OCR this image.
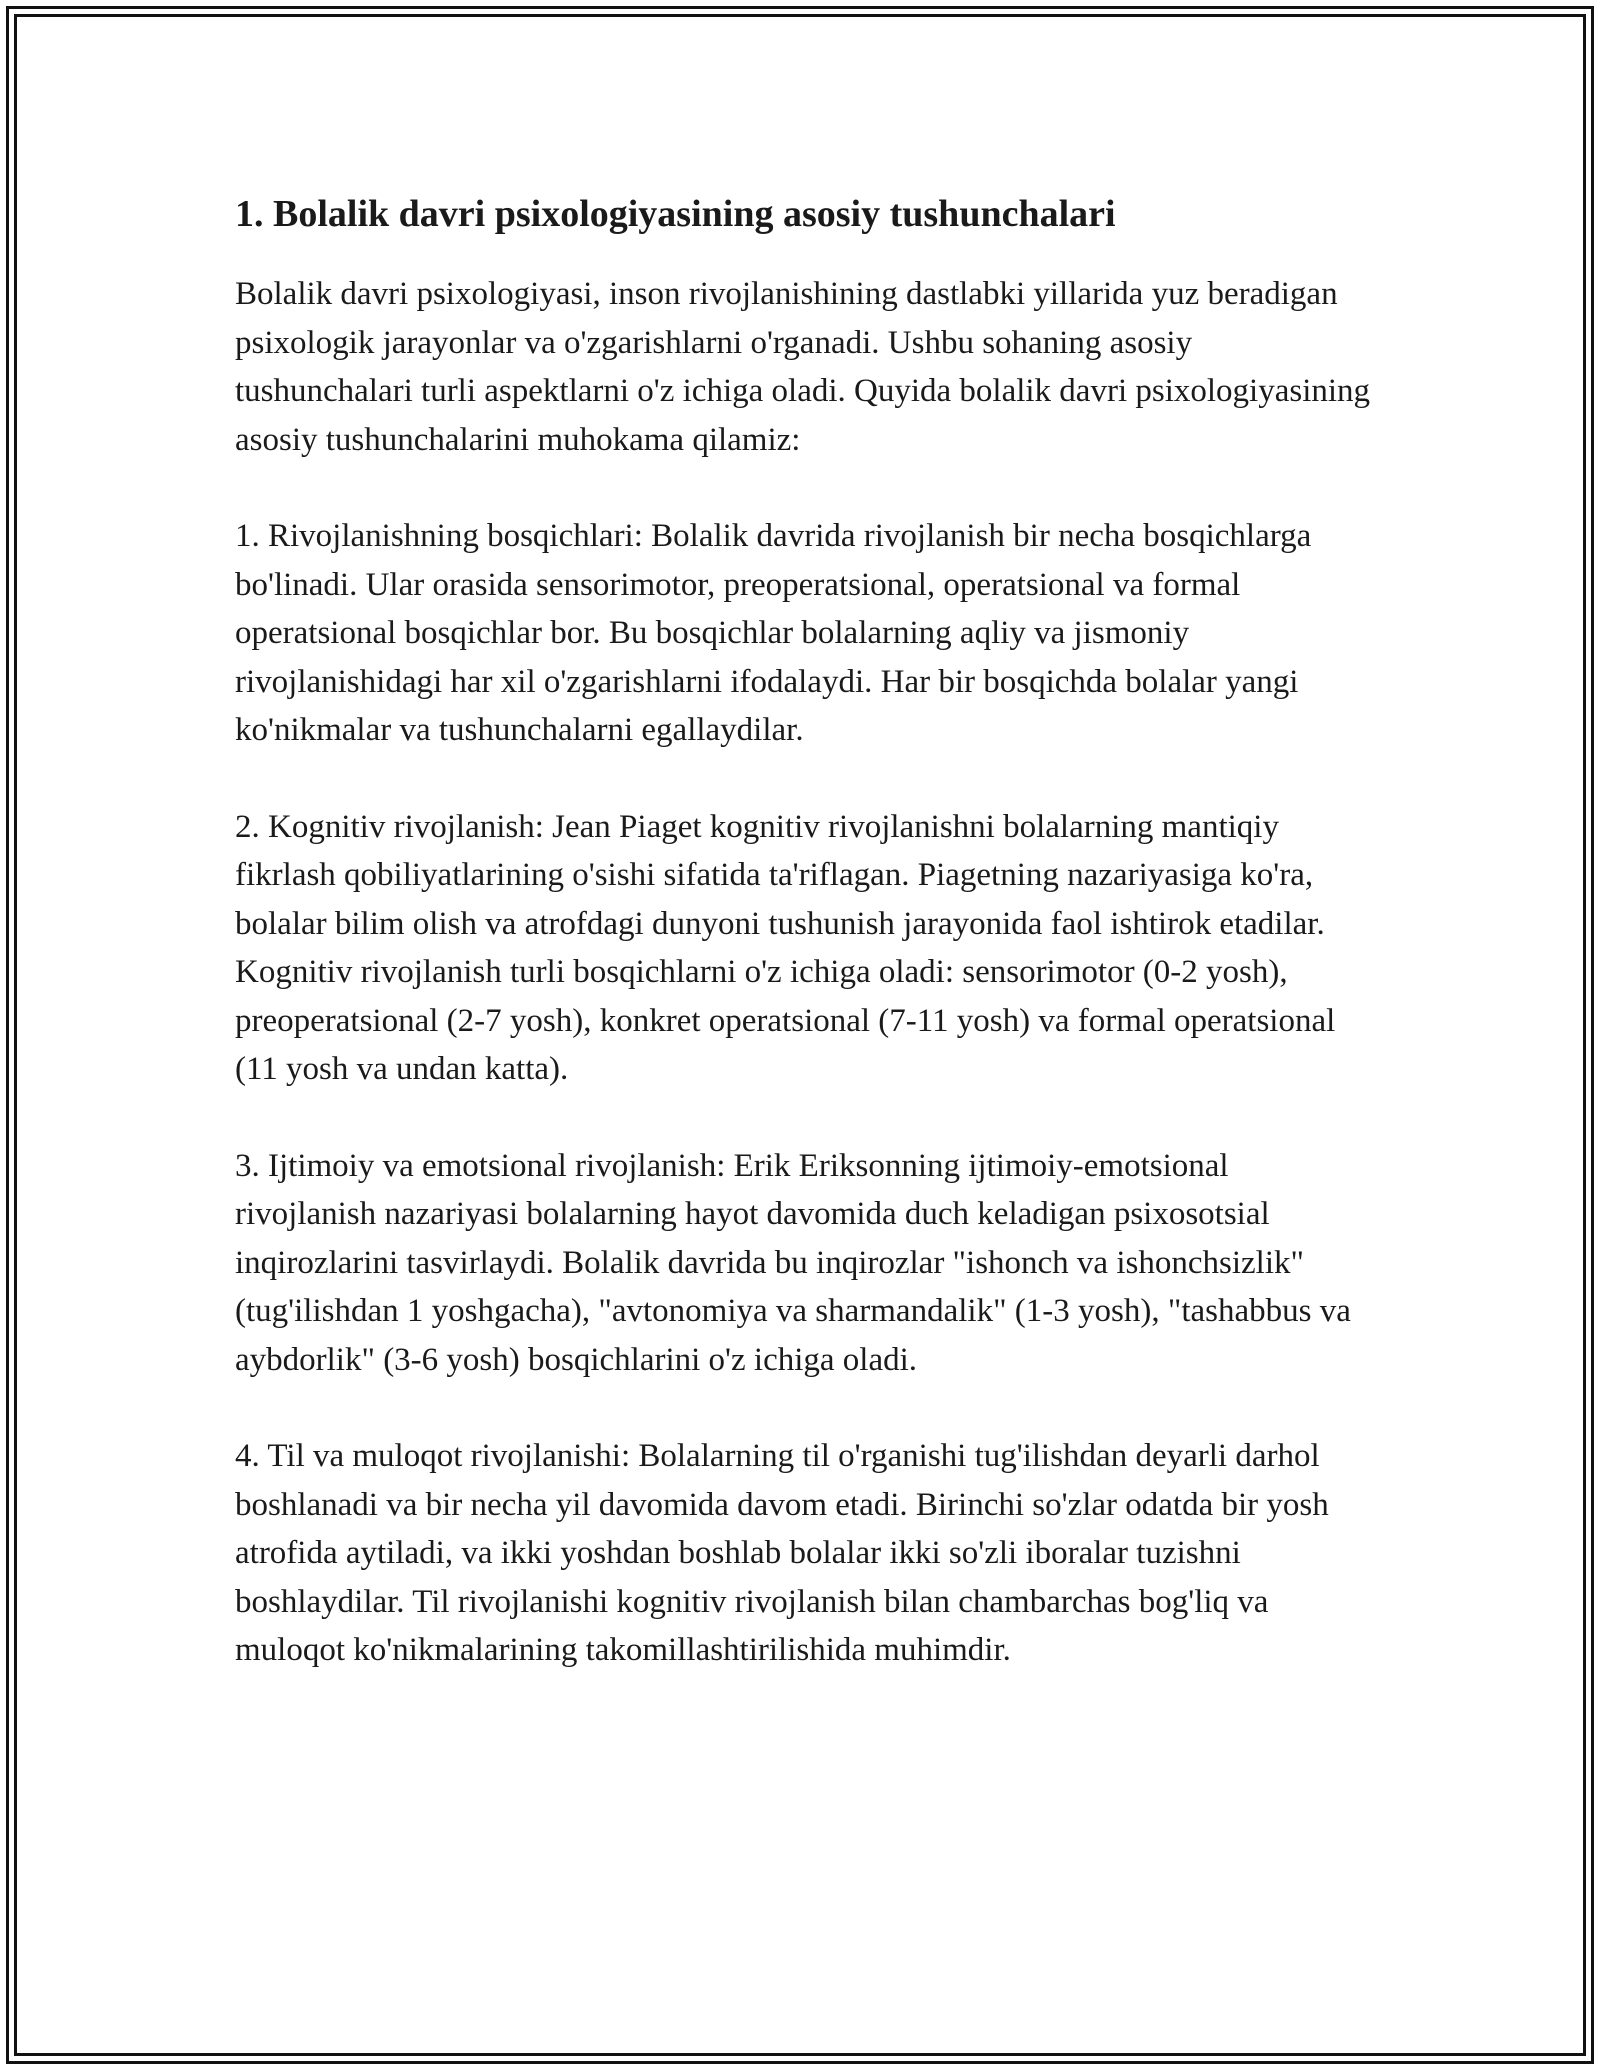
1. Bolalik davri psixologiyasining asosiy tushunchalari

Bolalik davri psixologiyasi, inson rivojlanishining dastlabki yillarida yuz beradigan psixologik jarayonlar va o'zgarishlarni o'rganadi. Ushbu sohaning asosiy tushunchalari turli aspektlarni o'z ichiga oladi. Quyida bolalik davri psixologiyasining asosiy tushunchalarini muhokama qilamiz:

1. Rivojlanishning bosqichlari: Bolalik davrida rivojlanish bir necha bosqichlarga bo'linadi. Ular orasida sensorimotor, preoperatsional, operatsional va formal operatsional bosqichlar bor. Bu bosqichlar bolalarning aqliy va jismoniy rivojlanishidagi har xil o'zgarishlarni ifodalaydi. Har bir bosqichda bolalar yangi ko'nikmalar va tushunchalarni egallaydilar.

2. Kognitiv rivojlanish: Jean Piaget kognitiv rivojlanishni bolalarning mantiqiy fikrlash qobiliyatlarining o'sishi sifatida ta'riflagan. Piagetning nazariyasiga ko'ra, bolalar bilim olish va atrofdagi dunyoni tushunish jarayonida faol ishtirok etadilar. Kognitiv rivojlanish turli bosqichlarni o'z ichiga oladi: sensorimotor (0-2 yosh), preoperatsional (2-7 yosh), konkret operatsional (7-11 yosh) va formal operatsional (11 yosh va undan katta).

3. Ijtimoiy va emotsional rivojlanish: Erik Eriksonning ijtimoiy-emotsional rivojlanish nazariyasi bolalarning hayot davomida duch keladigan psixosotsial inqirozlarini tasvirlaydi. Bolalik davrida bu inqirozlar "ishonch va ishonchsizlik" (tug'ilishdan 1 yoshgacha), "avtonomiya va sharmandalik" (1-3 yosh), "tashabbus va aybdorlik" (3-6 yosh) bosqichlarini o'z ichiga oladi.

4. Til va muloqot rivojlanishi: Bolalarning til o'rganishi tug'ilishdan deyarli darhol boshlanadi va bir necha yil davomida davom etadi. Birinchi so'zlar odatda bir yosh atrofida aytiladi, va ikki yoshdan boshlab bolalar ikki so'zli iboralar tuzishni boshlaydilar. Til rivojlanishi kognitiv rivojlanish bilan chambarchas bog'liq va muloqot ko'nikmalarining takomillashtirilishida muhimdir.
